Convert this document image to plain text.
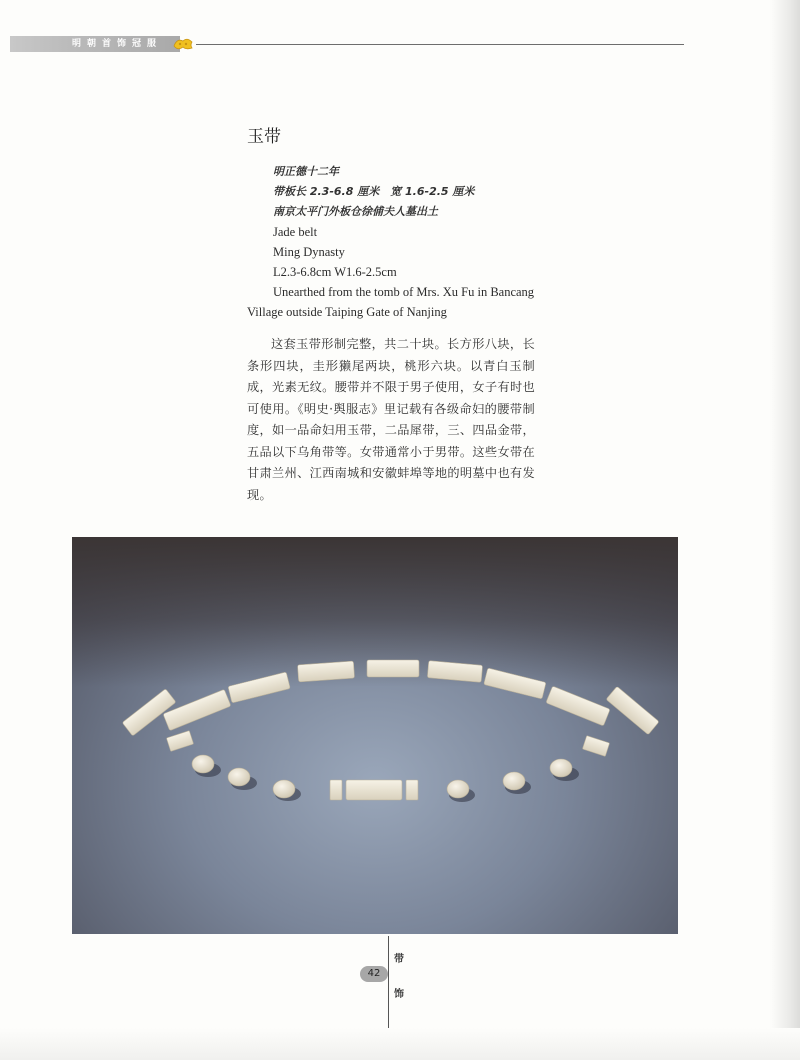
明朝首饰冠服
玉带
明正德十二年
带板长 2.3-6.8 厘米　宽 1.6-2.5 厘米
南京太平门外板仓徐俌夫人墓出土
Jade belt
Ming Dynasty
L2.3-6.8cm W1.6-2.5cm
Unearthed from the tomb of Mrs. Xu Fu in Bancang Village outside Taiping Gate of Nanjing
这套玉带形制完整，共二十块。长方形八块，长条形四块，圭形獭尾两块，桃形六块。以青白玉制成，光素无纹。腰带并不限于男子使用，女子有时也可使用。《明史·舆服志》里记载有各级命妇的腰带制度，如一品命妇用玉带，二品犀带，三、四品金带，五品以下乌角带等。女带通常小于男带。这些女带在甘肃兰州、江西南城和安徽蚌埠等地的明墓中也有发现。
42
带
饰
